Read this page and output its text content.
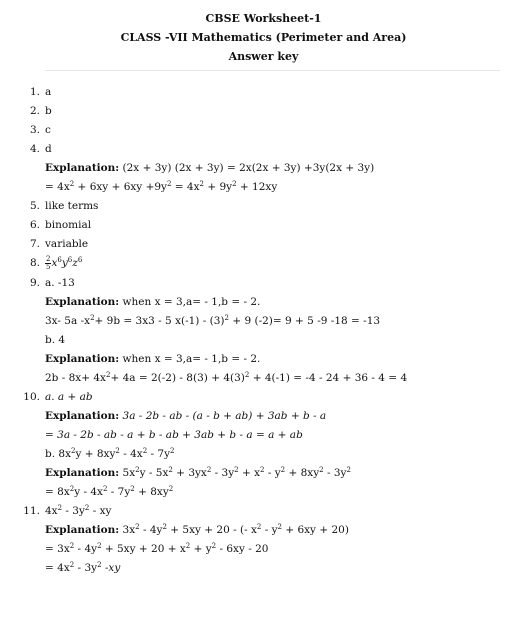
CBSE Worksheet-1
CLASS -VII Mathematics (Perimeter and Area)
Answer key
1. a
2. b
3. c
4. d
Explanation: (2x + 3y) (2x + 3y) = 2x(2x + 3y) +3y(2x + 3y)
= $4x^2 + 6xy + 6xy +9y^2 = 4x^2 + 9y^2 + 12xy$
5. like terms
6. binomial
7. variable
8. $\frac{2}{5}x^6y^6z^6$
9. a. -13
Explanation: when x = 3,a= - 1,b = - 2.
3x- 5a $-x^2+ 9b = 3x3 - 5$ $x(-1) - (3)^2 + 9$ (-2)= 9 + 5 -9 -18 = -13
b. 4
Explanation: when x = 3,a= - 1,b = - 2.
$2b - 8x+ 4x^2+ 4a = 2(-2) - 8(3) + 4(3)^2 + 4(-1) = -4 - 24 + 36 - 4 = 4$
10. a. a + ab
Explanation: 3a - 2b - ab - (a - b + ab) + 3ab + b - a
= 3a - 2b - ab - a + b - ab + 3ab + b - a = a + ab
b. $8x^2y + 8xy^2 - 4x^2 - 7y^2$
Explanation: $5x^2y - 5x^2 + 3yx^2 - 3y^2 + x^2 - y^2 + 8xy^2 - 3y^2$
= $8x^2y - 4x^2 - 7y^2 + 8xy^2$
11. $4x^2 - 3y^2$ - xy
Explanation: $3x^2 - 4y^2 + 5xy + 20$ - (- $x^2 - y^2 + 6xy + 20$)
= $3x^2 - 4y^2 + 5xy + 20 + x^2 + y^2 - 6xy - 20$
= $4x^2 - 3y^2$ -xy
